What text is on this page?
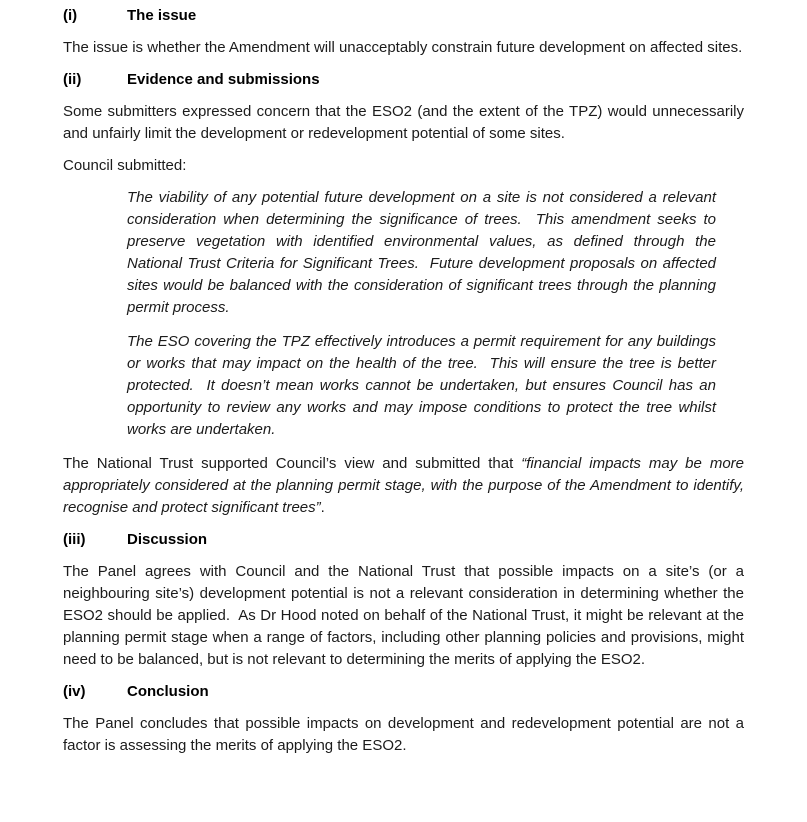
(i)	The issue

The issue is whether the Amendment will unacceptably constrain future development on affected sites.

(ii)	Evidence and submissions

Some submitters expressed concern that the ESO2 (and the extent of the TPZ) would unnecessarily and unfairly limit the development or redevelopment potential of some sites.

Council submitted:

The viability of any potential future development on a site is not considered a relevant consideration when determining the significance of trees.  This amendment seeks to preserve vegetation with identified environmental values, as defined through the National Trust Criteria for Significant Trees.  Future development proposals on affected sites would be balanced with the consideration of significant trees through the planning permit process.

The ESO covering the TPZ effectively introduces a permit requirement for any buildings or works that may impact on the health of the tree.  This will ensure the tree is better protected.  It doesn’t mean works cannot be undertaken, but ensures Council has an opportunity to review any works and may impose conditions to protect the tree whilst works are undertaken.

The National Trust supported Council’s view and submitted that “financial impacts may be more appropriately considered at the planning permit stage, with the purpose of the Amendment to identify, recognise and protect significant trees”.

(iii)	Discussion

The Panel agrees with Council and the National Trust that possible impacts on a site’s (or a neighbouring site’s) development potential is not a relevant consideration in determining whether the ESO2 should be applied.  As Dr Hood noted on behalf of the National Trust, it might be relevant at the planning permit stage when a range of factors, including other planning policies and provisions, might need to be balanced, but is not relevant to determining the merits of applying the ESO2.

(iv)	Conclusion

The Panel concludes that possible impacts on development and redevelopment potential are not a factor is assessing the merits of applying the ESO2.
